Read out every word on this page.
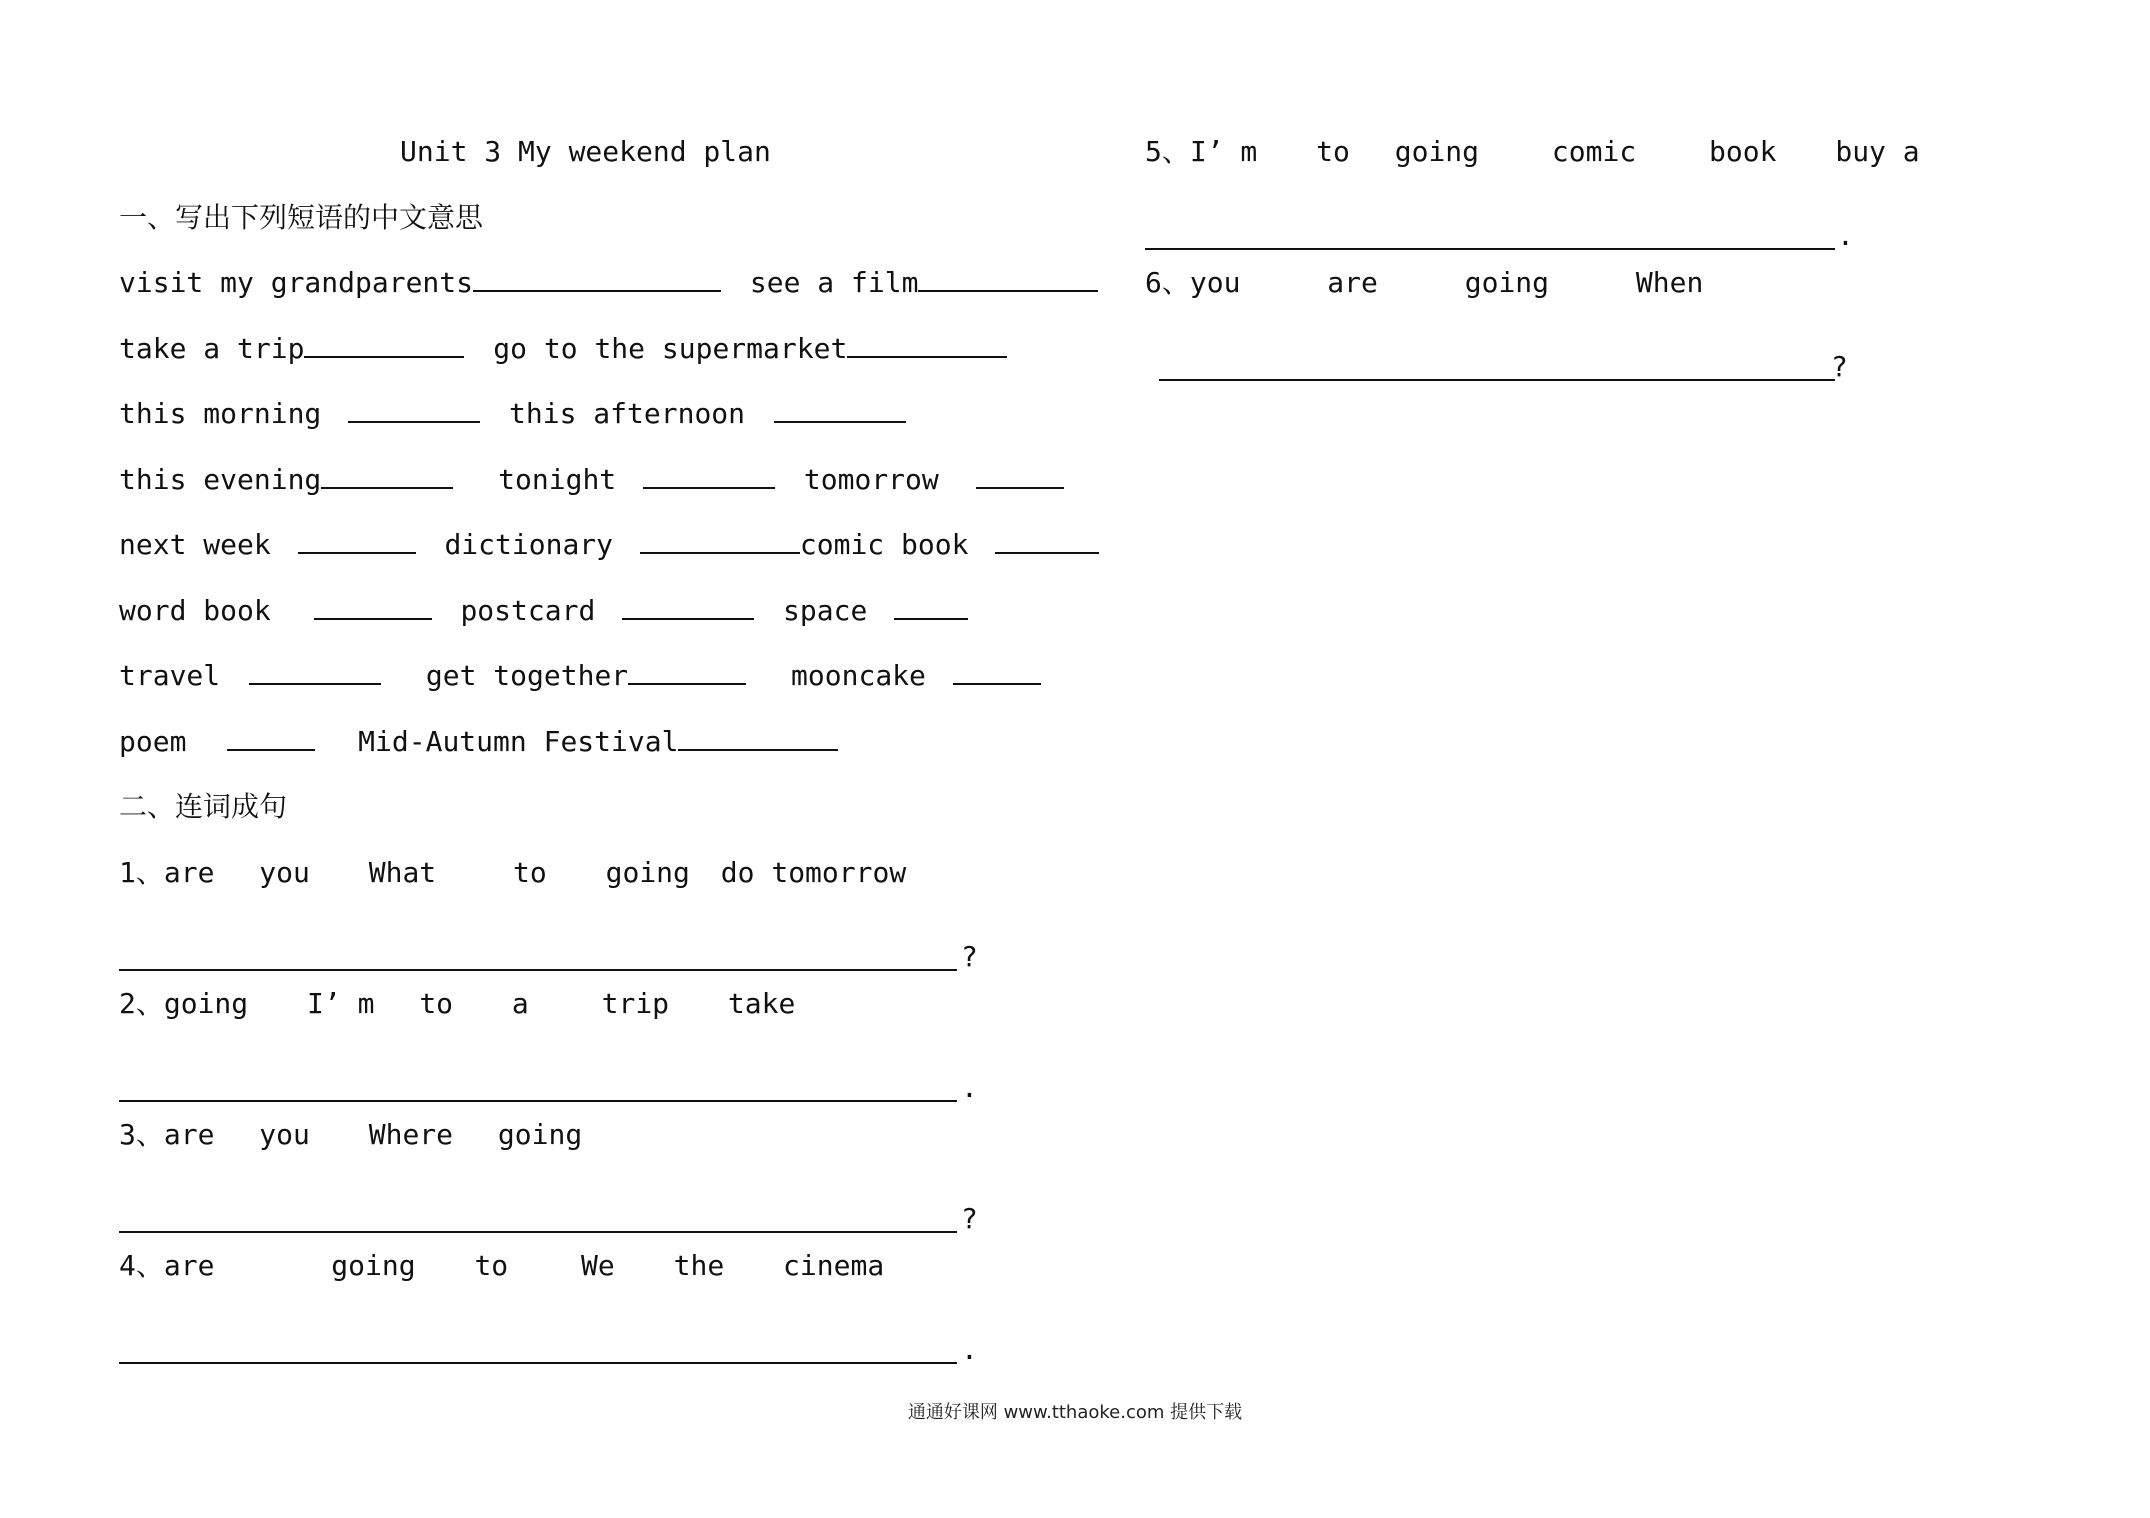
Unit 3 My weekend plan
一、写出下列短语的中文意思
visit my grandparents	see a film
take a trip	go to the supermarket
this morning	this afternoon
this evening	tonight	tomorrow
next week	dictionary	comic book
word book	postcard	space
travel	get together	mooncake
poem	Mid-Autumn Festival
二、连词成句
1、are you What	to going do tomorrow
?
2、going I’ m to a	trip take
.
3、are you Where going
?
4、are	going to	We the cinema
.
5、I’ m to going	comic	book buy a
.
6、you	are	going	When
?
通通好课网 www.tthaoke.com 提供下载
